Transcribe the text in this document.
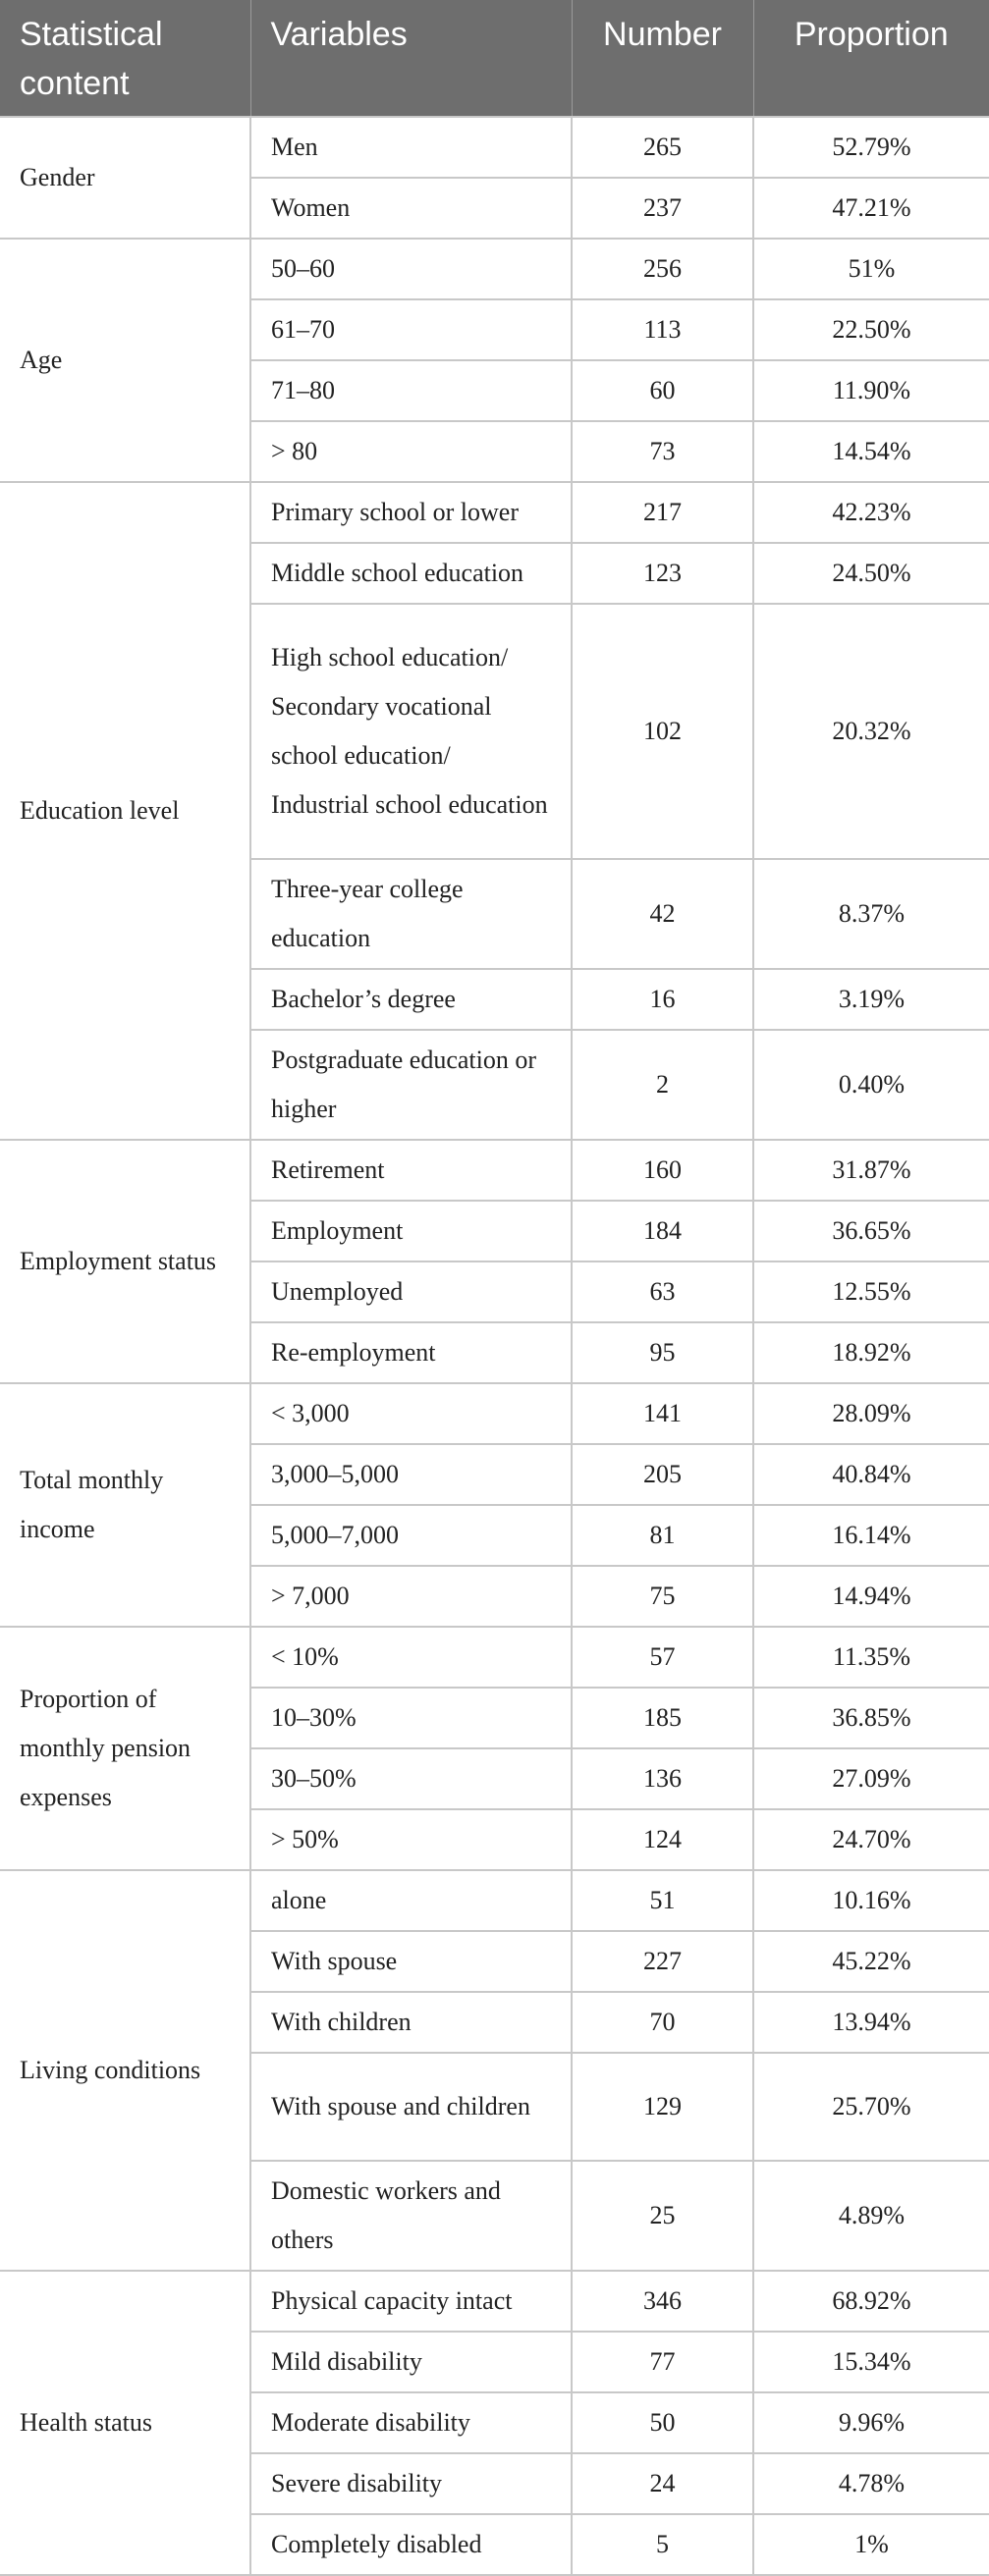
Statistical content	Variables	Number	Proportion
Gender	Men	265	52.79%
	Women	237	47.21%
Age	50–60	256	51%
	61–70	113	22.50%
	71–80	60	11.90%
	> 80	73	14.54%
Education level	Primary school or lower	217	42.23%
	Middle school education	123	24.50%
	High school education/ Secondary vocational school education/ Industrial school education	102	20.32%
	Three-year college education	42	8.37%
	Bachelor’s degree	16	3.19%
	Postgraduate education or higher	2	0.40%
Employment status	Retirement	160	31.87%
	Employment	184	36.65%
	Unemployed	63	12.55%
	Re-employment	95	18.92%
Total monthly income	< 3,000	141	28.09%
	3,000–5,000	205	40.84%
	5,000–7,000	81	16.14%
	> 7,000	75	14.94%
Proportion of monthly pension expenses	< 10%	57	11.35%
	10–30%	185	36.85%
	30–50%	136	27.09%
	> 50%	124	24.70%
Living conditions	alone	51	10.16%
	With spouse	227	45.22%
	With children	70	13.94%
	With spouse and children	129	25.70%
	Domestic workers and others	25	4.89%
Health status	Physical capacity intact	346	68.92%
	Mild disability	77	15.34%
	Moderate disability	50	9.96%
	Severe disability	24	4.78%
	Completely disabled	5	1%
